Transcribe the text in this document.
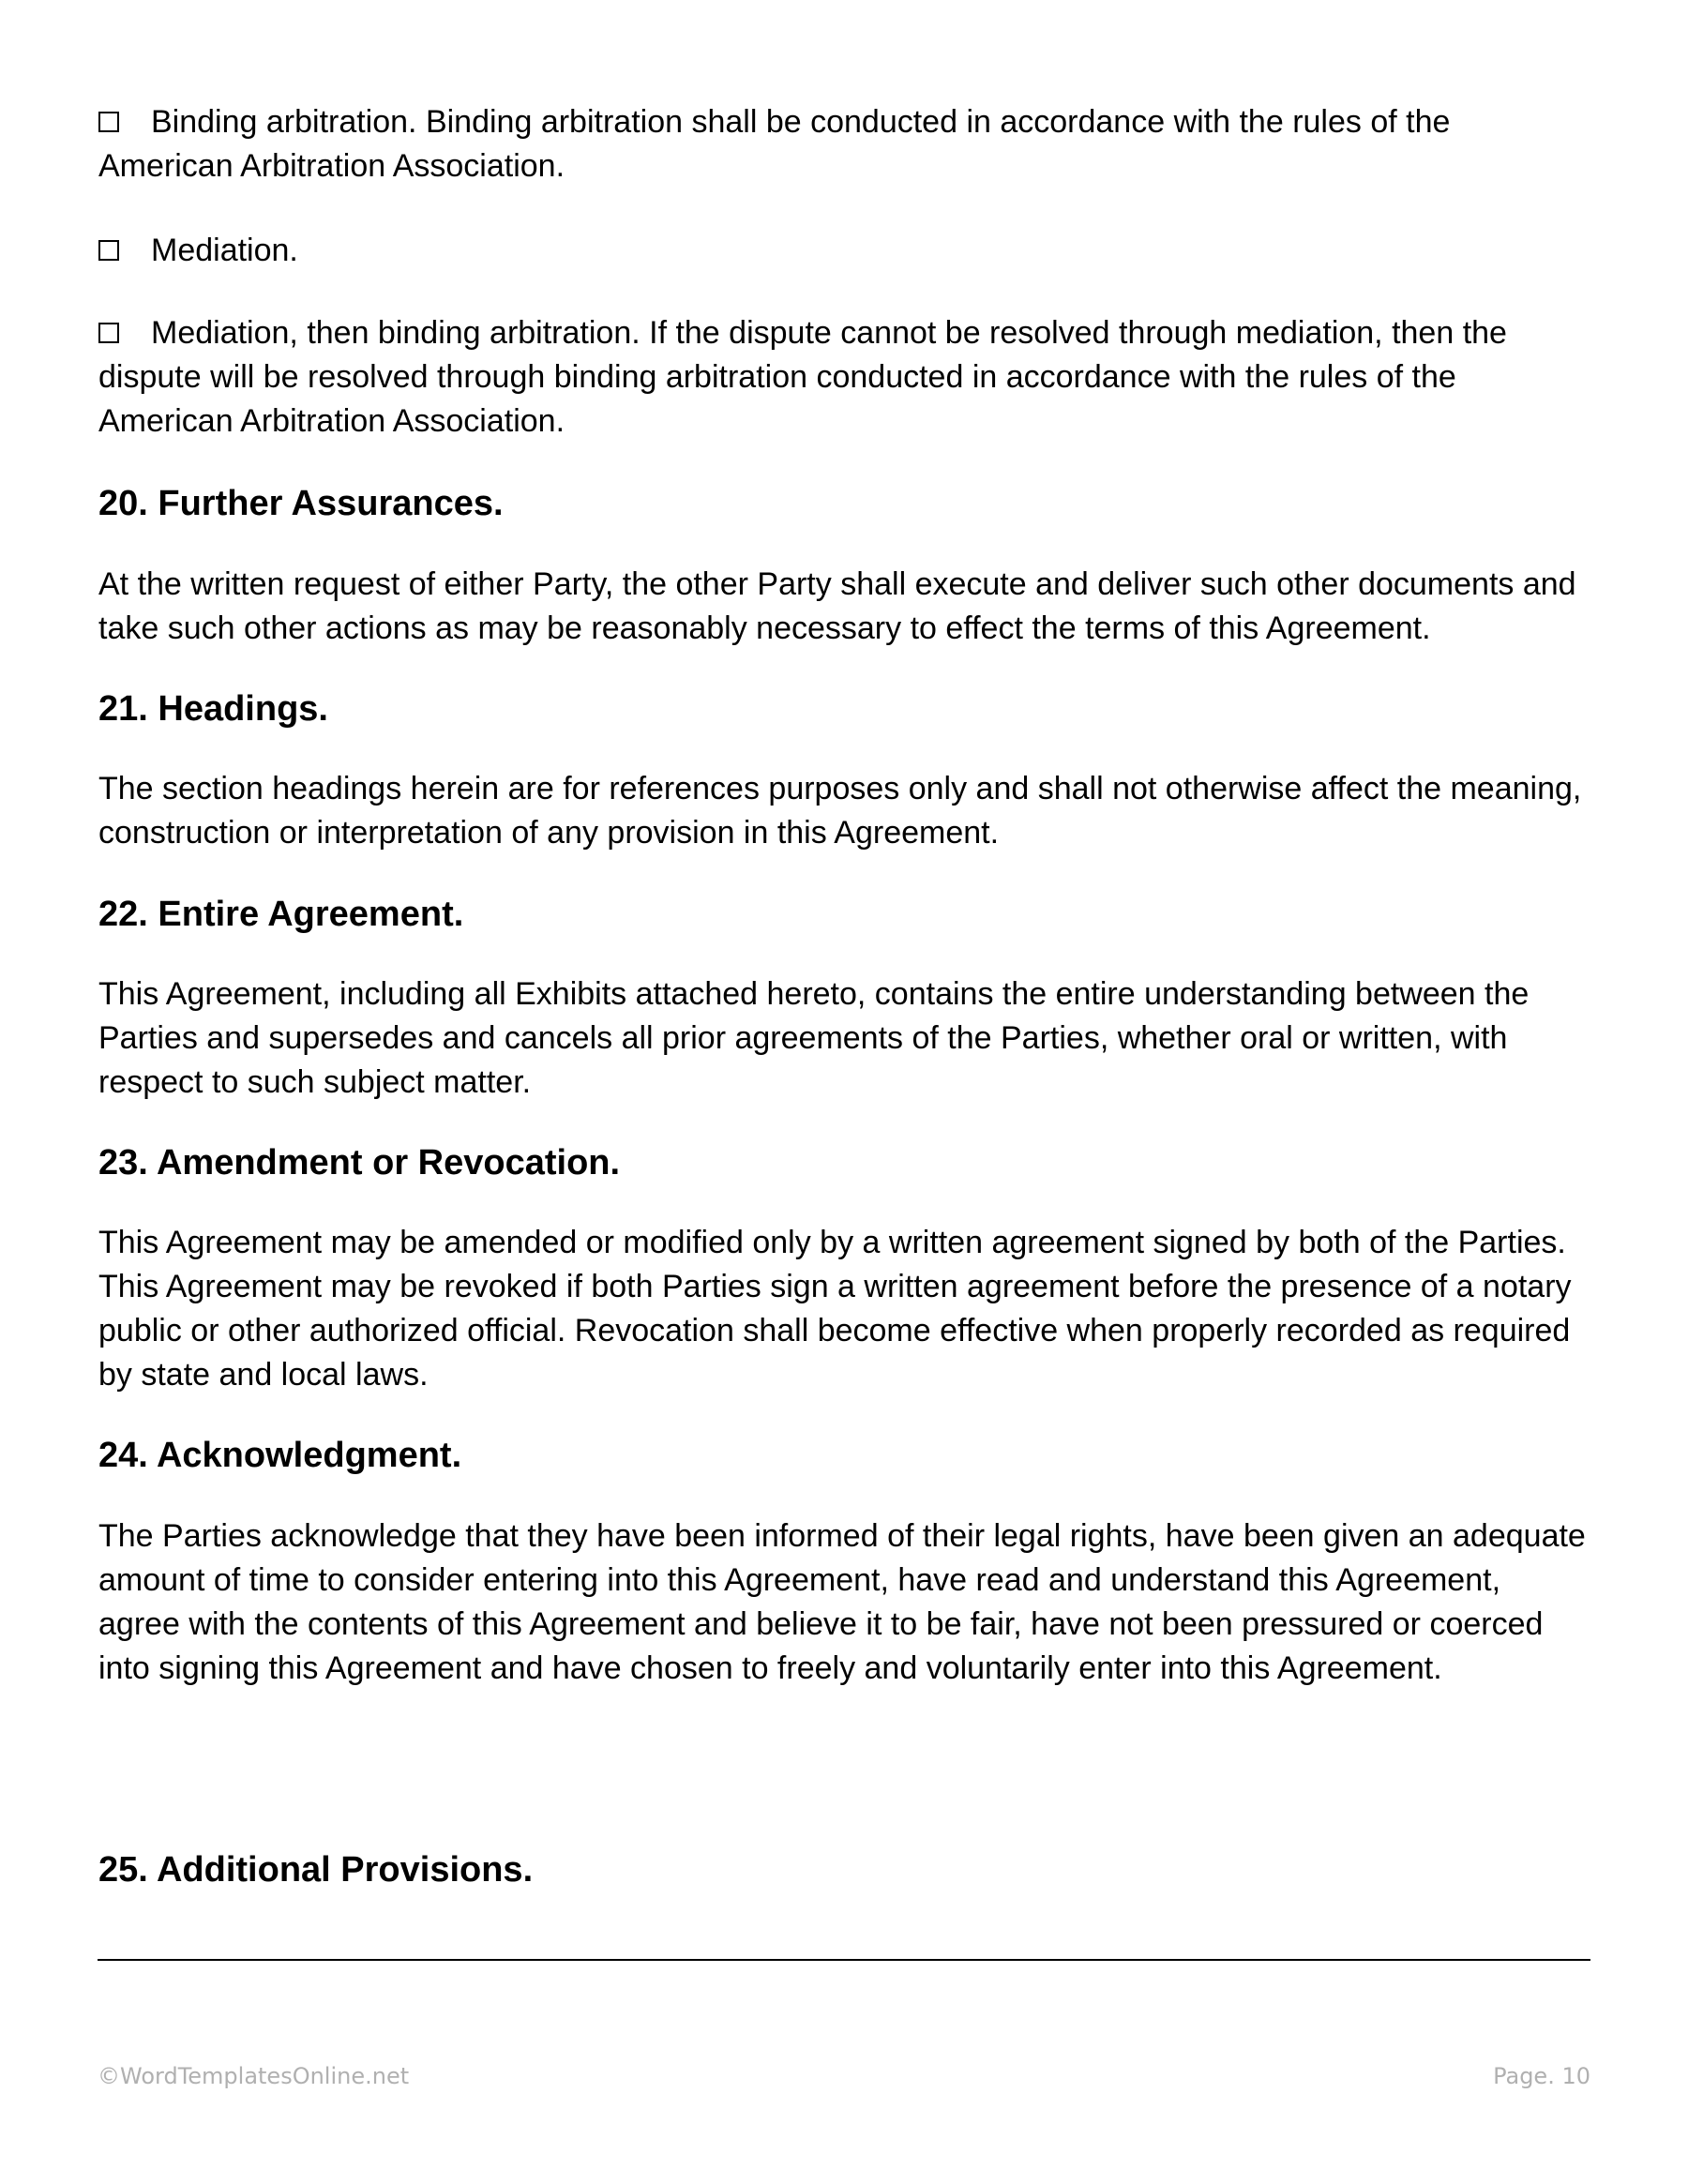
Binding arbitration. Binding arbitration shall be conducted in accordance with the rules of the American Arbitration Association.

Mediation.

Mediation, then binding arbitration. If the dispute cannot be resolved through mediation, then the dispute will be resolved through binding arbitration conducted in accordance with the rules of the American Arbitration Association.

20. Further Assurances.

At the written request of either Party, the other Party shall execute and deliver such other documents and take such other actions as may be reasonably necessary to effect the terms of this Agreement.

21. Headings.

The section headings herein are for references purposes only and shall not otherwise affect the meaning, construction or interpretation of any provision in this Agreement.

22. Entire Agreement.

This Agreement, including all Exhibits attached hereto, contains the entire understanding between the Parties and supersedes and cancels all prior agreements of the Parties, whether oral or written, with respect to such subject matter.

23. Amendment or Revocation.

This Agreement may be amended or modified only by a written agreement signed by both of the Parties. This Agreement may be revoked if both Parties sign a written agreement before the presence of a notary public or other authorized official. Revocation shall become effective when properly recorded as required by state and local laws.

24. Acknowledgment.

The Parties acknowledge that they have been informed of their legal rights, have been given an adequate amount of time to consider entering into this Agreement, have read and understand this Agreement, agree with the contents of this Agreement and believe it to be fair, have not been pressured or coerced into signing this Agreement and have chosen to freely and voluntarily enter into this Agreement.

25. Additional Provisions.
©WordTemplatesOnline.net	Page. 10
